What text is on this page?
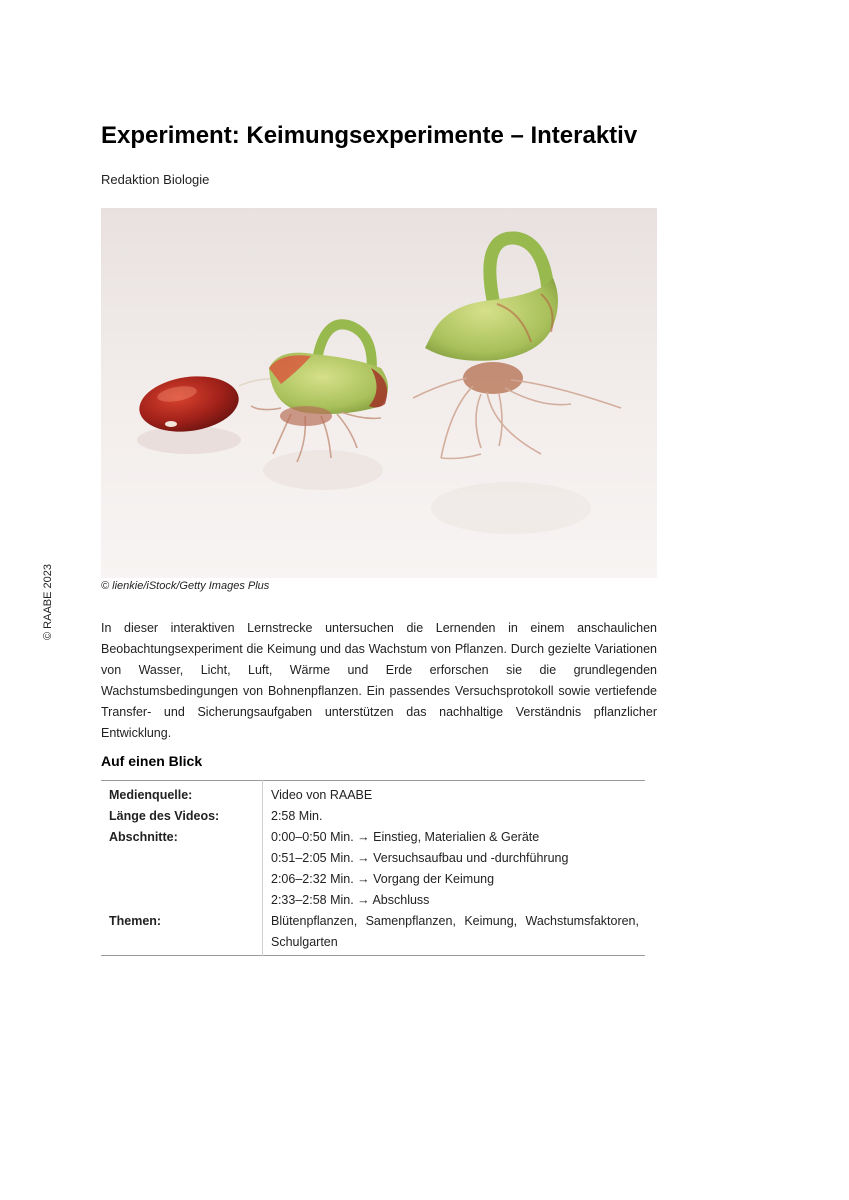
© RAABE 2023
Experiment: Keimungsexperimente – Interaktiv
Redaktion Biologie
© lienkie/iStock/Getty Images Plus

In dieser interaktiven Lernstrecke untersuchen die Lernenden in einem anschaulichen Beobachtungsexperiment die Keimung und das Wachstum von Pflanzen. Durch gezielte Variationen von Wasser, Licht, Luft, Wärme und Erde erforschen sie die grundlegenden Wachstumsbedingungen von Bohnenpflanzen. Ein passendes Versuchsprotokoll sowie vertiefende Transfer- und Sicherungsaufgaben unterstützen das nachhaltige Verständnis pflanzlicher Entwicklung.

Auf einen Blick
Medienquelle:	Video von RAABE
Länge des Videos:	2:58 Min.
Abschnitte:	0:00–0:50 Min. → Einstieg, Materialien & Geräte
	0:51–2:05 Min. → Versuchsaufbau und -durchführung
	2:06–2:32 Min. → Vorgang der Keimung
	2:33–2:58 Min. → Abschluss
Themen:	Blütenpflanzen, Samenpflanzen, Keimung, Wachstumsfaktoren, Schulgarten
